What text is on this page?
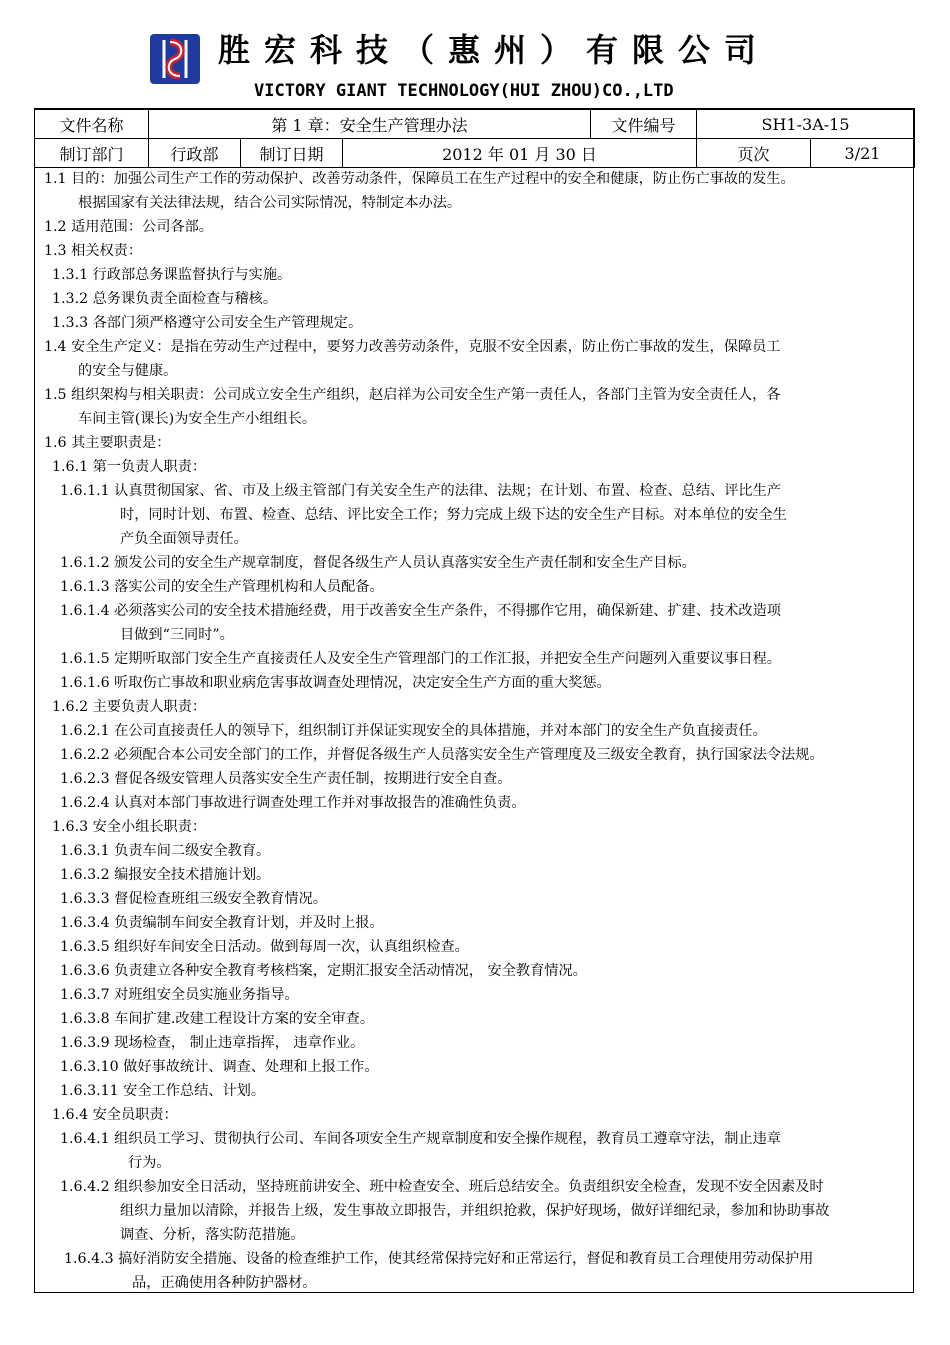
胜宏科技（惠州）有限公司
VICTORY GIANT TECHNOLOGY(HUI ZHOU)CO.,LTD
文件名称	第 1 章：安全生产管理办法			文件编号	SH1-3A-15	
制订部门	行政部	制订日期	2012 年 01 月 30 日		页次	3/21
1.1 目的：加强公司生产工作的劳动保护、改善劳动条件，保障员工在生产过程中的安全和健康，防止伤亡事故的发生。
根据国家有关法律法规，结合公司实际情况，特制定本办法。
1.2 适用范围：公司各部。
1.3 相关权责：
1.3.1 行政部总务课监督执行与实施。
1.3.2 总务课负责全面检查与稽核。
1.3.3 各部门须严格遵守公司安全生产管理规定。
1.4 安全生产定义：是指在劳动生产过程中，要努力改善劳动条件，克服不安全因素，防止伤亡事故的发生，保障员工
的安全与健康。
1.5 组织架构与相关职责：公司成立安全生产组织，赵启祥为公司安全生产第一责任人，各部门主管为安全责任人，各
车间主管(课长)为安全生产小组组长。
1.6 其主要职责是：
1.6.1 第一负责人职责：
1.6.1.1 认真贯彻国家、省、市及上级主管部门有关安全生产的法律、法规；在计划、布置、检查、总结、评比生产
时，同时计划、布置、检查、总结、评比安全工作；努力完成上级下达的安全生产目标。对本单位的安全生
产负全面领导责任。
1.6.1.2 颁发公司的安全生产规章制度，督促各级生产人员认真落实安全生产责任制和安全生产目标。
1.6.1.3 落实公司的安全生产管理机构和人员配备。
1.6.1.4 必须落实公司的安全技术措施经费，用于改善安全生产条件，不得挪作它用，确保新建、扩建、技术改造项
目做到“三同时”。
1.6.1.5 定期听取部门安全生产直接责任人及安全生产管理部门的工作汇报，并把安全生产问题列入重要议事日程。
1.6.1.6 听取伤亡事故和职业病危害事故调查处理情况，决定安全生产方面的重大奖惩。
1.6.2 主要负责人职责：
1.6.2.1 在公司直接责任人的领导下，组织制订并保证实现安全的具体措施，并对本部门的安全生产负直接责任。
1.6.2.2 必须配合本公司安全部门的工作，并督促各级生产人员落实安全生产管理度及三级安全教育，执行国家法令法规。
1.6.2.3 督促各级安管理人员落实安全生产责任制，按期进行安全自查。
1.6.2.4 认真对本部门事故进行调查处理工作并对事故报告的准确性负责。
1.6.3 安全小组长职责：
1.6.3.1 负责车间二级安全教育。
1.6.3.2 编报安全技术措施计划。
1.6.3.3 督促检查班组三级安全教育情况。
1.6.3.4 负责编制车间安全教育计划，并及时上报。
1.6.3.5 组织好车间安全日活动。做到每周一次，认真组织检查。
1.6.3.6 负责建立各种安全教育考核档案，定期汇报安全活动情况， 安全教育情况。
1.6.3.7 对班组安全员实施业务指导。
1.6.3.8 车间扩建.改建工程设计方案的安全审查。
1.6.3.9 现场检查， 制止违章指挥， 违章作业。
1.6.3.10 做好事故统计、调查、处理和上报工作。
1.6.3.11 安全工作总结、计划。
1.6.4 安全员职责：
1.6.4.1 组织员工学习、贯彻执行公司、车间各项安全生产规章制度和安全操作规程，教育员工遵章守法，制止违章
行为。
1.6.4.2 组织参加安全日活动，坚持班前讲安全、班中检查安全、班后总结安全。负责组织安全检查，发现不安全因素及时
组织力量加以清除，并报告上级，发生事故立即报告，并组织抢救，保护好现场，做好详细纪录，参加和协助事故
调查、分析，落实防范措施。
1.6.4.3 搞好消防安全措施、设备的检查维护工作，使其经常保持完好和正常运行，督促和教育员工合理使用劳动保护用
品，正确使用各种防护器材。
